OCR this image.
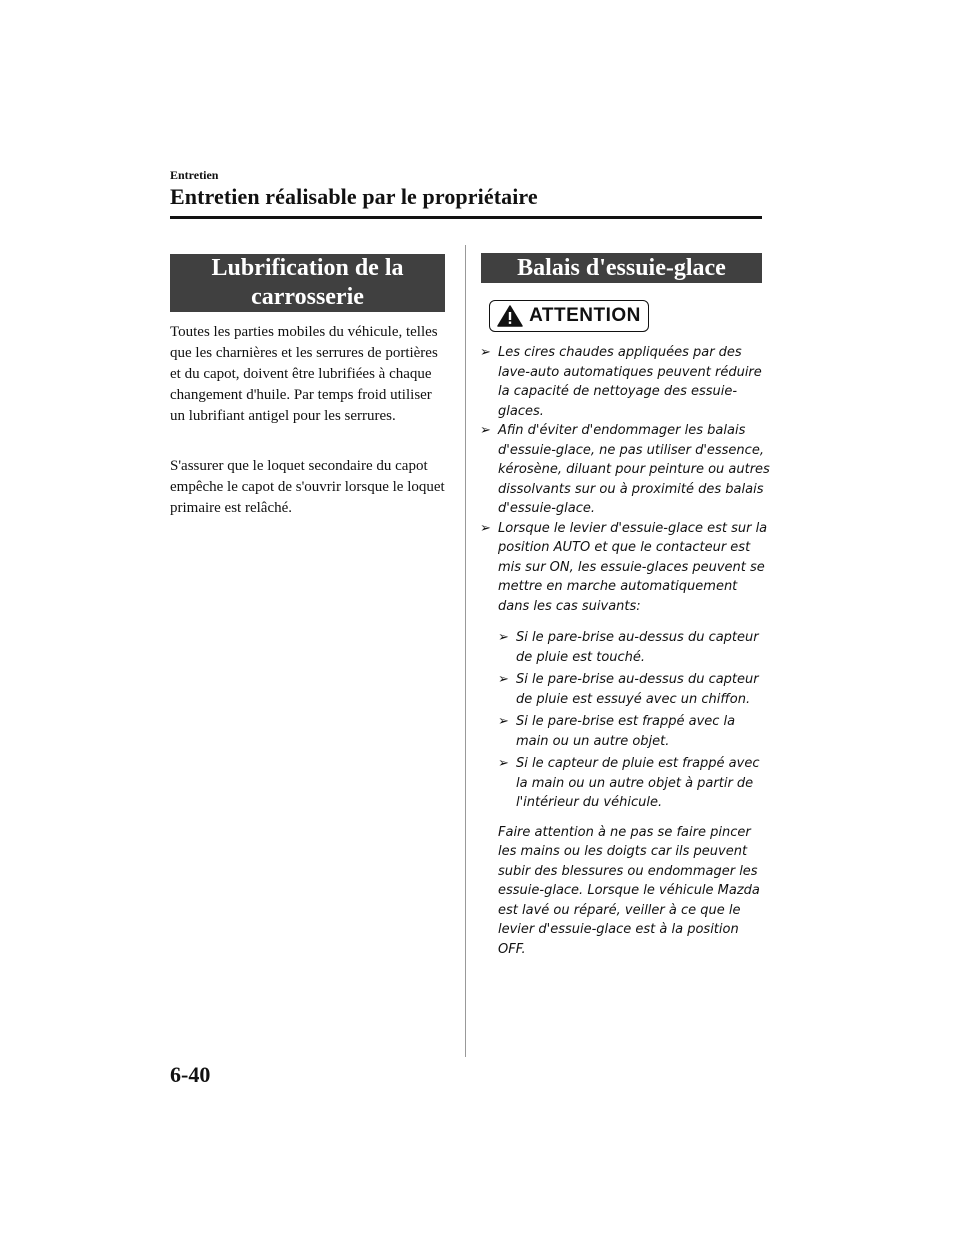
Entretien
Entretien réalisable par le propriétaire
Lubrification de la
carrosserie
Toutes les parties mobiles du véhicule, telles que les charnières et les serrures de portières et du capot, doivent être lubrifiées à chaque changement d'huile. Par temps froid utiliser un lubrifiant antigel pour les serrures.
S'assurer que le loquet secondaire du capot empêche le capot de s'ouvrir lorsque le loquet primaire est relâché.
Balais d'essuie-glace
ATTENTION
➢ Les cires chaudes appliquées par des lave-auto automatiques peuvent réduire la capacité de nettoyage des essuie-glaces.
➢ Afin d'éviter d'endommager les balais d'essuie-glace, ne pas utiliser d'essence, kérosène, diluant pour peinture ou autres dissolvants sur ou à proximité des balais d'essuie-glace.
➢ Lorsque le levier d'essuie-glace est sur la position AUTO et que le contacteur est mis sur ON, les essuie-glaces peuvent se mettre en marche automatiquement dans les cas suivants:
➢ Si le pare-brise au-dessus du capteur de pluie est touché.
➢ Si le pare-brise au-dessus du capteur de pluie est essuyé avec un chiffon.
➢ Si le pare-brise est frappé avec la main ou un autre objet.
➢ Si le capteur de pluie est frappé avec la main ou un autre objet à partir de l'intérieur du véhicule.
Faire attention à ne pas se faire pincer les mains ou les doigts car ils peuvent subir des blessures ou endommager les essuie-glace. Lorsque le véhicule Mazda est lavé ou réparé, veiller à ce que le levier d'essuie-glace est à la position OFF.
6-40
